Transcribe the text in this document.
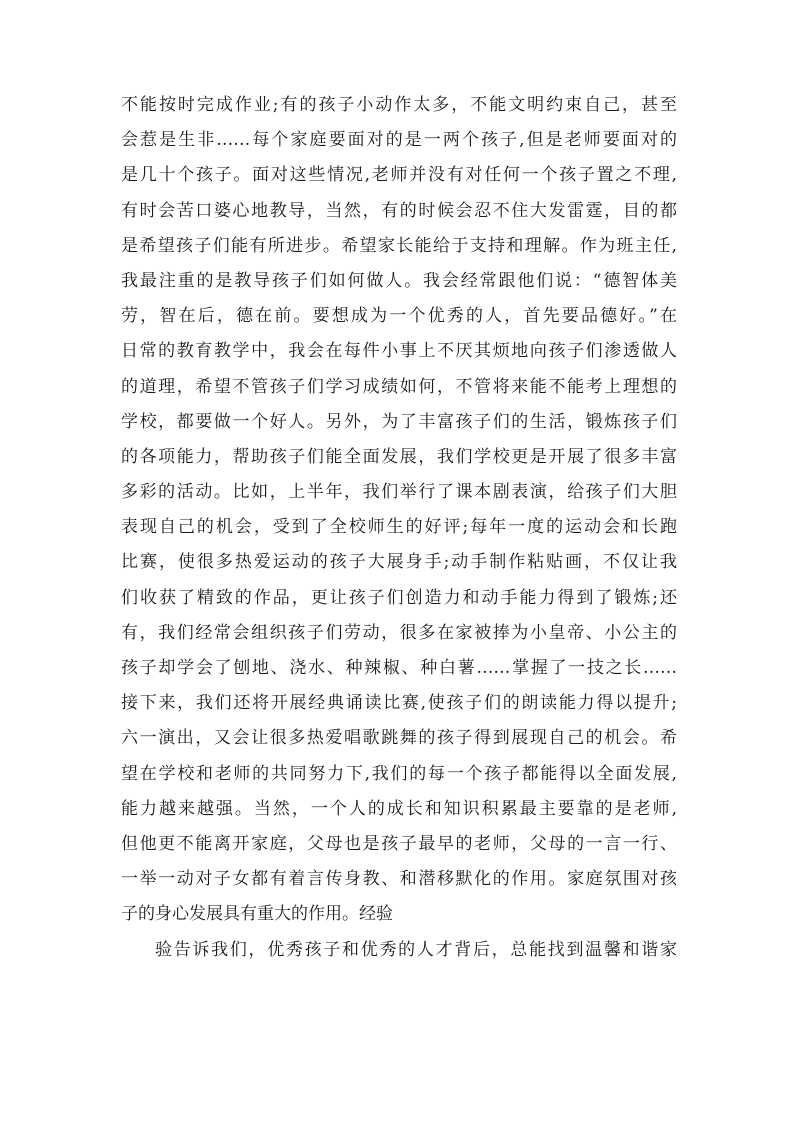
不能按时完成作业;有的孩子小动作太多，不能文明约束自己，甚至
会惹是生非……每个家庭要面对的是一两个孩子,但是老师要面对的
是几十个孩子。面对这些情况,老师并没有对任何一个孩子置之不理,
有时会苦口婆心地教导，当然，有的时候会忍不住大发雷霆，目的都
是希望孩子们能有所进步。希望家长能给于支持和理解。作为班主任,
我最注重的是教导孩子们如何做人。我会经常跟他们说：“德智体美
劳，智在后，德在前。要想成为一个优秀的人，首先要品德好。”在
日常的教育教学中，我会在每件小事上不厌其烦地向孩子们渗透做人
的道理，希望不管孩子们学习成绩如何，不管将来能不能考上理想的
学校，都要做一个好人。另外，为了丰富孩子们的生活，锻炼孩子们
的各项能力，帮助孩子们能全面发展，我们学校更是开展了很多丰富
多彩的活动。比如，上半年，我们举行了课本剧表演，给孩子们大胆
表现自己的机会，受到了全校师生的好评;每年一度的运动会和长跑
比赛，使很多热爱运动的孩子大展身手;动手制作粘贴画，不仅让我
们收获了精致的作品，更让孩子们创造力和动手能力得到了锻炼;还
有，我们经常会组织孩子们劳动，很多在家被捧为小皇帝、小公主的
孩子却学会了刨地、浇水、种辣椒、种白薯……掌握了一技之长……
接下来，我们还将开展经典诵读比赛,使孩子们的朗读能力得以提升;
六一演出，又会让很多热爱唱歌跳舞的孩子得到展现自己的机会。希
望在学校和老师的共同努力下,我们的每一个孩子都能得以全面发展,
能力越来越强。当然，一个人的成长和知识积累最主要靠的是老师,
但他更不能离开家庭，父母也是孩子最早的老师，父母的一言一行、
一举一动对子女都有着言传身教、和潜移默化的作用。家庭氛围对孩
子的身心发展具有重大的作用。经验
验告诉我们，优秀孩子和优秀的人才背后，总能找到温馨和谐家
